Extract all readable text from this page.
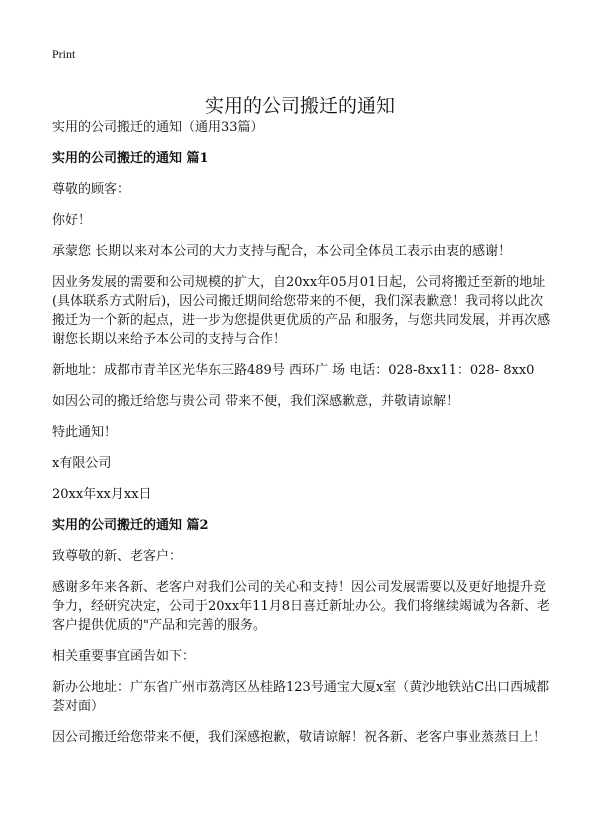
Print
实用的公司搬迁的通知

实用的公司搬迁的通知（通用33篇）

实用的公司搬迁的通知 篇1

尊敬的顾客：

你好！

承蒙您 长期以来对本公司的大力支持与配合，本公司全体员工表示由衷的感谢！

因业务发展的需要和公司规模的扩大，自20xx年05月01日起，公司将搬迁至新的地址(具体联系方式附后)，因公司搬迁期间给您带来的不便，我们深表歉意！我司将以此次搬迁为一个新的起点，进一步为您提供更优质的产品 和服务，与您共同发展，并再次感谢您长期以来给予本公司的支持与合作！

新地址：成都市青羊区光华东三路489号 西环广 场 电话：028-8xx11：028- 8xx0

如因公司的搬迁给您与贵公司 带来不便，我们深感歉意，并敬请谅解！

特此通知！

x有限公司

20xx年xx月xx日

实用的公司搬迁的通知 篇2

致尊敬的新、老客户：

感谢多年来各新、老客户对我们公司的关心和支持！因公司发展需要以及更好地提升竞争力，经研究决定，公司于20xx年11月8日喜迁新址办公。我们将继续竭诚为各新、老客户提供优质的"产品和完善的服务。

相关重要事宜函告如下：

新办公地址：广东省广州市荔湾区丛桂路123号通宝大厦x室（黄沙地铁站C出口西城都荟对面）

因公司搬迁给您带来不便，我们深感抱歉，敬请谅解！祝各新、老客户事业蒸蒸日上！
